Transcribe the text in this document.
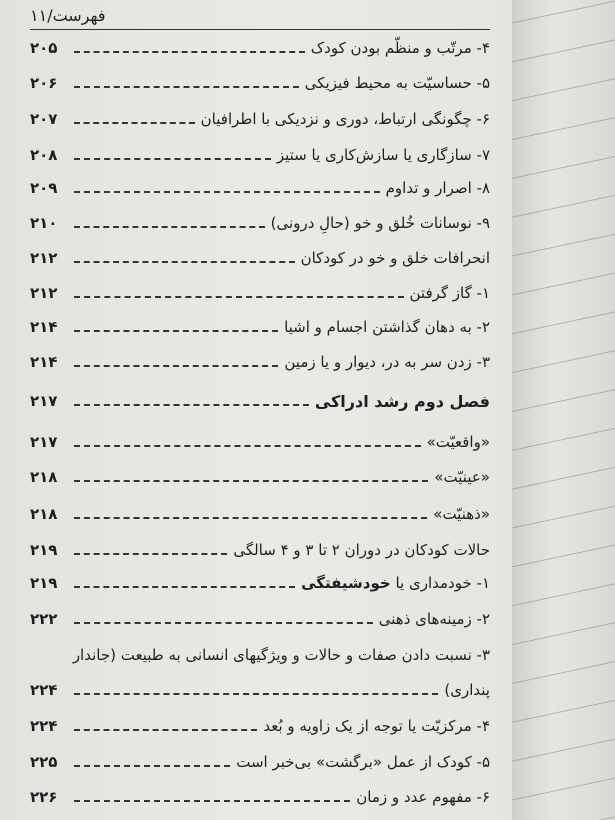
فهرست/۱۱
۴- مرتّب و منظّم بودن کودک
۲۰۵
۵- حساسیّت به محیط فیزیکی
۲۰۶
۶- چگونگی ارتباط، دوری و نزدیکی با اطرافیان
۲۰۷
۷- سازگاری یا سازش‌کاری یا ستیز
۲۰۸
۸- اصرار و تداوم
۲۰۹
۹- نوسانات خُلق و خو (حالِ درونی)
۲۱۰
انحرافات خلق و خو در کودکان
۲۱۲
۱- گاز گرفتن
۲۱۲
۲- به دهان گذاشتن اجسام و اشیا
۲۱۴
۳- زدن سر به در، دیوار و یا زمین
۲۱۴
فصل دوم رشد ادراکی
۲۱۷
«واقعیّت»
۲۱۷
«عینیّت»
۲۱۸
«ذهنیّت»
۲۱۸
حالات کودکان در دوران ۲ تا ۳ و ۴ سالگی
۲۱۹
۱- خودمداری یا خودشیفتگی
۲۱۹
۲- زمینه‌های ذهنی
۲۲۲
۳- نسبت دادن صفات و حالات و ویژگیهای انسانی به طبیعت (جاندار
پنداری)
۲۲۴
۴- مرکزیّت یا توجه از یک زاویه و بُعد
۲۲۴
۵- کودک از عمل «برگشت» بی‌خبر است
۲۲۵
۶- مفهوم عدد و زمان
۲۲۶
